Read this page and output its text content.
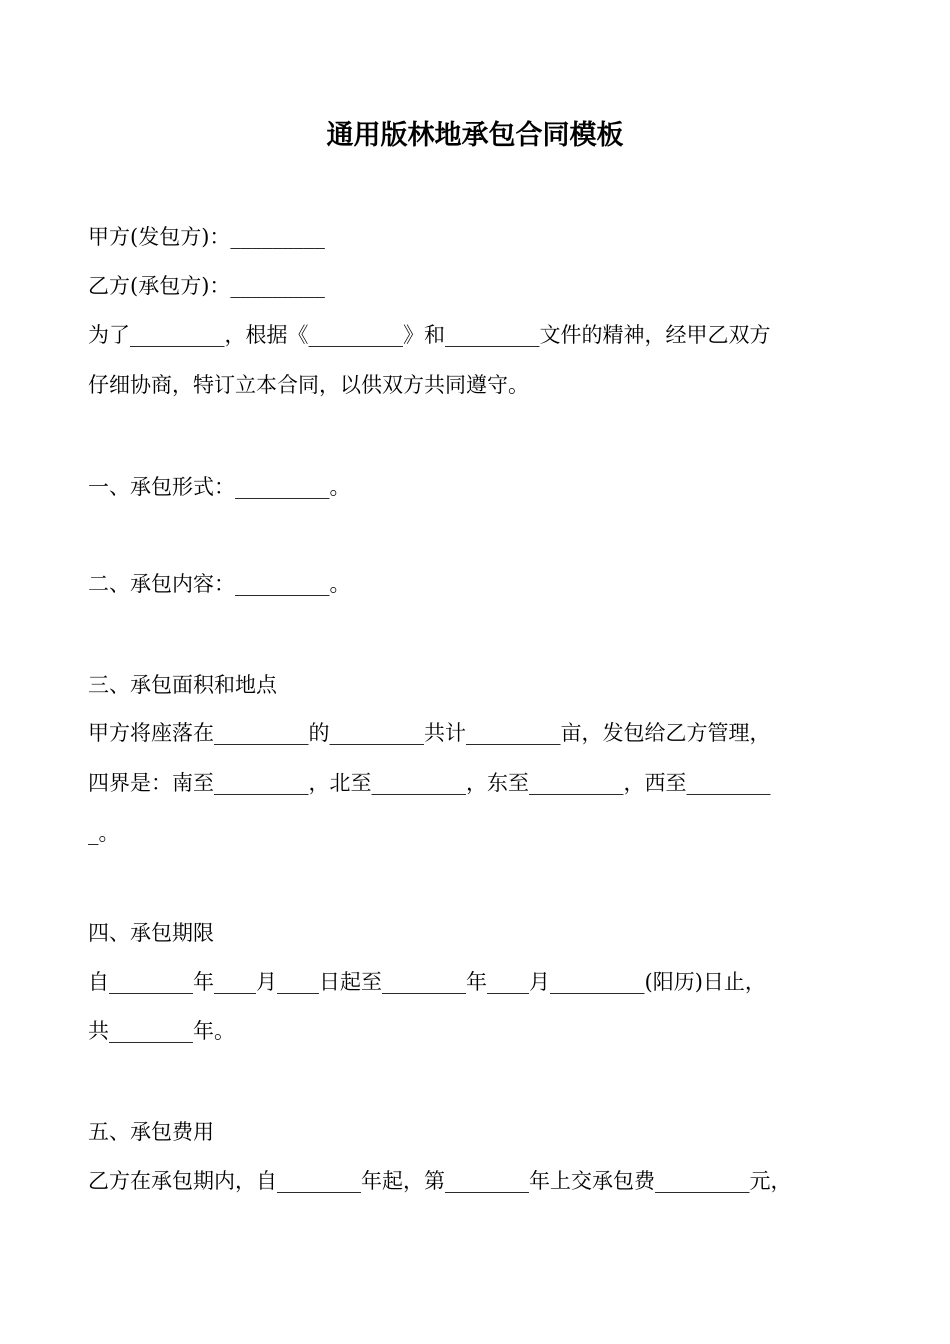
通用版林地承包合同模板
甲方(发包方)：_________
乙方(承包方)：_________
为了_________，根据《_________》和_________文件的精神，经甲乙双方
仔细协商，特订立本合同，以供双方共同遵守。
一、承包形式：_________。
二、承包内容：_________。
三、承包面积和地点
甲方将座落在_________的_________共计_________亩，发包给乙方管理，
四界是：南至_________，北至_________，东至_________，西至________
_。
四、承包期限
自________年____月____日起至________年____月_________(阳历)日止，
共________年。
五、承包费用
乙方在承包期内，自________年起，第________年上交承包费_________元，
